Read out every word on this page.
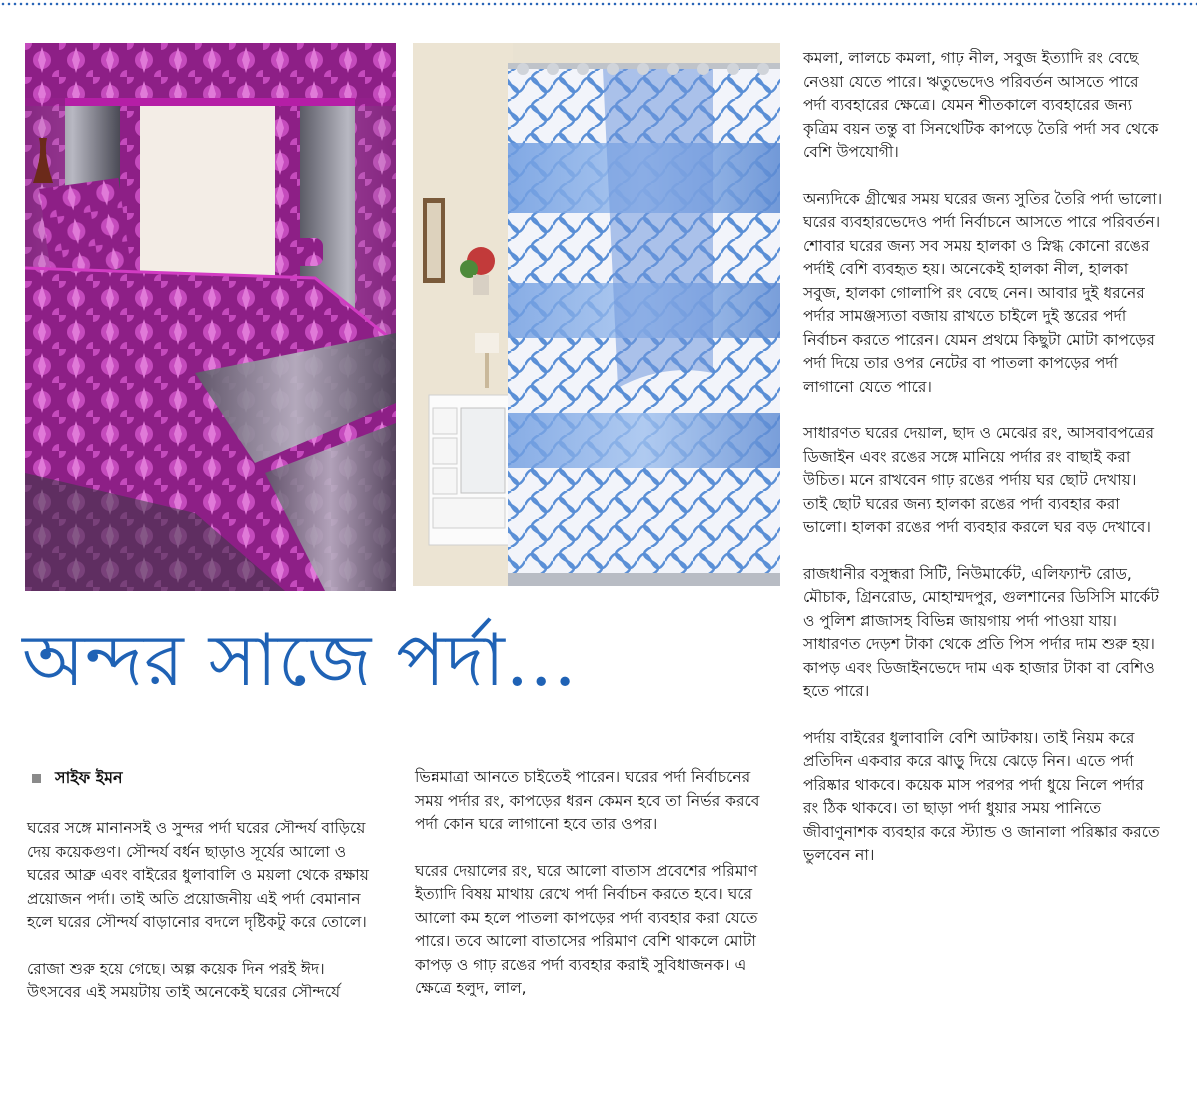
অন্দর সাজে পর্দা...
সাইফ ইমন

ঘরের সঙ্গে মানানসই ও সুন্দর পর্দা ঘরের সৌন্দর্য বাড়িয়ে দেয় কয়েকগুণ। সৌন্দর্য বর্ধন ছাড়াও সূর্যের আলো ও ঘরের আব্রু এবং বাইরের ধুলাবালি ও ময়লা থেকে রক্ষায় প্রয়োজন পর্দা। তাই অতি প্রয়োজনীয় এই পর্দা বেমানান হলে ঘরের সৌন্দর্য বাড়ানোর বদলে দৃষ্টিকটু করে তোলে।

রোজা শুরু হয়ে গেছে। অল্প কয়েক দিন পরই ঈদ। উৎসবের এই সময়টায় তাই অনেকেই ঘরের সৌন্দর্যে

ভিন্নমাত্রা আনতে চাইতেই পারেন। ঘরের পর্দা নির্বাচনের সময় পর্দার রং, কাপড়ের ধরন কেমন হবে তা নির্ভর করবে পর্দা কোন ঘরে লাগানো হবে তার ওপর।

ঘরের দেয়ালের রং, ঘরে আলো বাতাস প্রবেশের পরিমাণ ইত্যাদি বিষয় মাথায় রেখে পর্দা নির্বাচন করতে হবে। ঘরে আলো কম হলে পাতলা কাপড়ের পর্দা ব্যবহার করা যেতে পারে। তবে আলো বাতাসের পরিমাণ বেশি থাকলে মোটা কাপড় ও গাঢ় রঙের পর্দা ব্যবহার করাই সুবিধাজনক। এ ক্ষেত্রে হলুদ, লাল,

কমলা, লালচে কমলা, গাঢ় নীল, সবুজ ইত্যাদি রং বেছে নেওয়া যেতে পারে। ঋতুভেদেও পরিবর্তন আসতে পারে পর্দা ব্যবহারের ক্ষেত্রে। যেমন শীতকালে ব্যবহারের জন্য কৃত্রিম বয়ন তন্তু বা সিনথেটিক কাপড়ে তৈরি পর্দা সব থেকে বেশি উপযোগী।

অন্যদিকে গ্রীষ্মের সময় ঘরের জন্য সুতির তৈরি পর্দা ভালো। ঘরের ব্যবহারভেদেও পর্দা নির্বাচনে আসতে পারে পরিবর্তন। শোবার ঘরের জন্য সব সময় হালকা ও স্নিগ্ধ কোনো রঙের পর্দাই বেশি ব্যবহৃত হয়। অনেকেই হালকা নীল, হালকা সবুজ, হালকা গোলাপি রং বেছে নেন। আবার দুই ধরনের পর্দার সামঞ্জস্যতা বজায় রাখতে চাইলে দুই স্তরের পর্দা নির্বাচন করতে পারেন। যেমন প্রথমে কিছুটা মোটা কাপড়ের পর্দা দিয়ে তার ওপর নেটের বা পাতলা কাপড়ের পর্দা লাগানো যেতে পারে।

সাধারণত ঘরের দেয়াল, ছাদ ও মেঝের রং, আসবাবপত্রের ডিজাইন এবং রঙের সঙ্গে মানিয়ে পর্দার রং বাছাই করা উচিত। মনে রাখবেন গাঢ় রঙের পর্দায় ঘর ছোট দেখায়। তাই ছোট ঘরের জন্য হালকা রঙের পর্দা ব্যবহার করা ভালো। হালকা রঙের পর্দা ব্যবহার করলে ঘর বড় দেখাবে।

রাজধানীর বসুন্ধরা সিটি, নিউমার্কেট, এলিফ্যান্ট রোড, মৌচাক, গ্রিনরোড, মোহাম্মদপুর, গুলশানের ডিসিসি মার্কেট ও পুলিশ প্লাজাসহ বিভিন্ন জায়গায় পর্দা পাওয়া যায়। সাধারণত দেড়শ টাকা থেকে প্রতি পিস পর্দার দাম শুরু হয়। কাপড় এবং ডিজাইনভেদে দাম এক হাজার টাকা বা বেশিও হতে পারে।

পর্দায় বাইরের ধুলাবালি বেশি আটকায়। তাই নিয়ম করে প্রতিদিন একবার করে ঝাড়ু দিয়ে ঝেড়ে নিন। এতে পর্দা পরিষ্কার থাকবে। কয়েক মাস পরপর পর্দা ধুয়ে নিলে পর্দার রং ঠিক থাকবে। তা ছাড়া পর্দা ধুয়ার সময় পানিতে জীবাণুনাশক ব্যবহার করে স্ট্যান্ড ও জানালা পরিষ্কার করতে ভুলবেন না।
